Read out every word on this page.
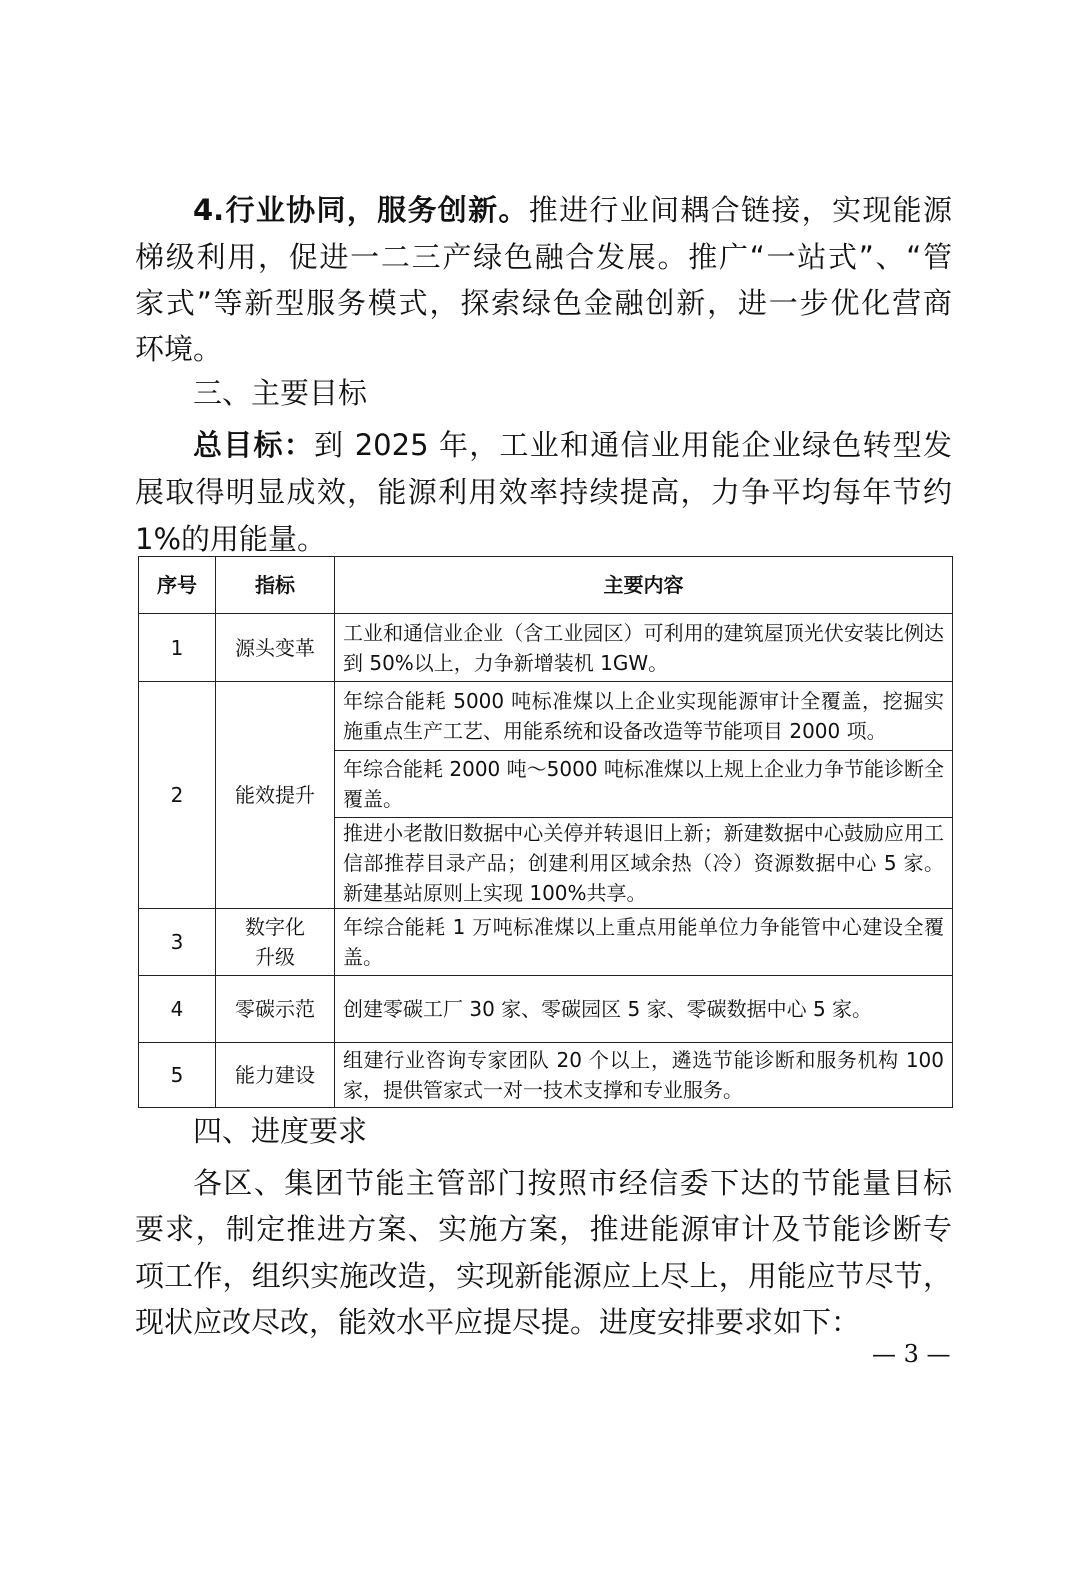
4.行业协同，服务创新。推进行业间耦合链接，实现能源
梯级利用，促进一二三产绿色融合发展。推广“一站式”、“管
家式”等新型服务模式，探索绿色金融创新，进一步优化营商
环境。
三、主要目标
总目标：到 2025 年，工业和通信业用能企业绿色转型发
展取得明显成效，能源利用效率持续提高，力争平均每年节约
1%的用能量。
序号	指标	主要内容
1	源头变革	工业和通信业企业（含工业园区）可利用的建筑屋顶光伏安装比例达到 50%以上，力争新增装机 1GW。
2	能效提升	年综合能耗 5000 吨标准煤以上企业实现能源审计全覆盖，挖掘实施重点生产工艺、用能系统和设备改造等节能项目 2000 项。
		年综合能耗 2000 吨～5000 吨标准煤以上规上企业力争节能诊断全覆盖。
		推进小老散旧数据中心关停并转退旧上新；新建数据中心鼓励应用工信部推荐目录产品；创建利用区域余热（冷）资源数据中心 5 家。新建基站原则上实现 100%共享。
3	数字化升级	年综合能耗 1 万吨标准煤以上重点用能单位力争能管中心建设全覆盖。
4	零碳示范	创建零碳工厂 30 家、零碳园区 5 家、零碳数据中心 5 家。
5	能力建设	组建行业咨询专家团队 20 个以上，遴选节能诊断和服务机构 100 家，提供管家式一对一技术支撑和专业服务。
四、进度要求
各区、集团节能主管部门按照市经信委下达的节能量目标
要求，制定推进方案、实施方案，推进能源审计及节能诊断专
项工作，组织实施改造，实现新能源应上尽上，用能应节尽节，
现状应改尽改，能效水平应提尽提。进度安排要求如下：
— 3 —
